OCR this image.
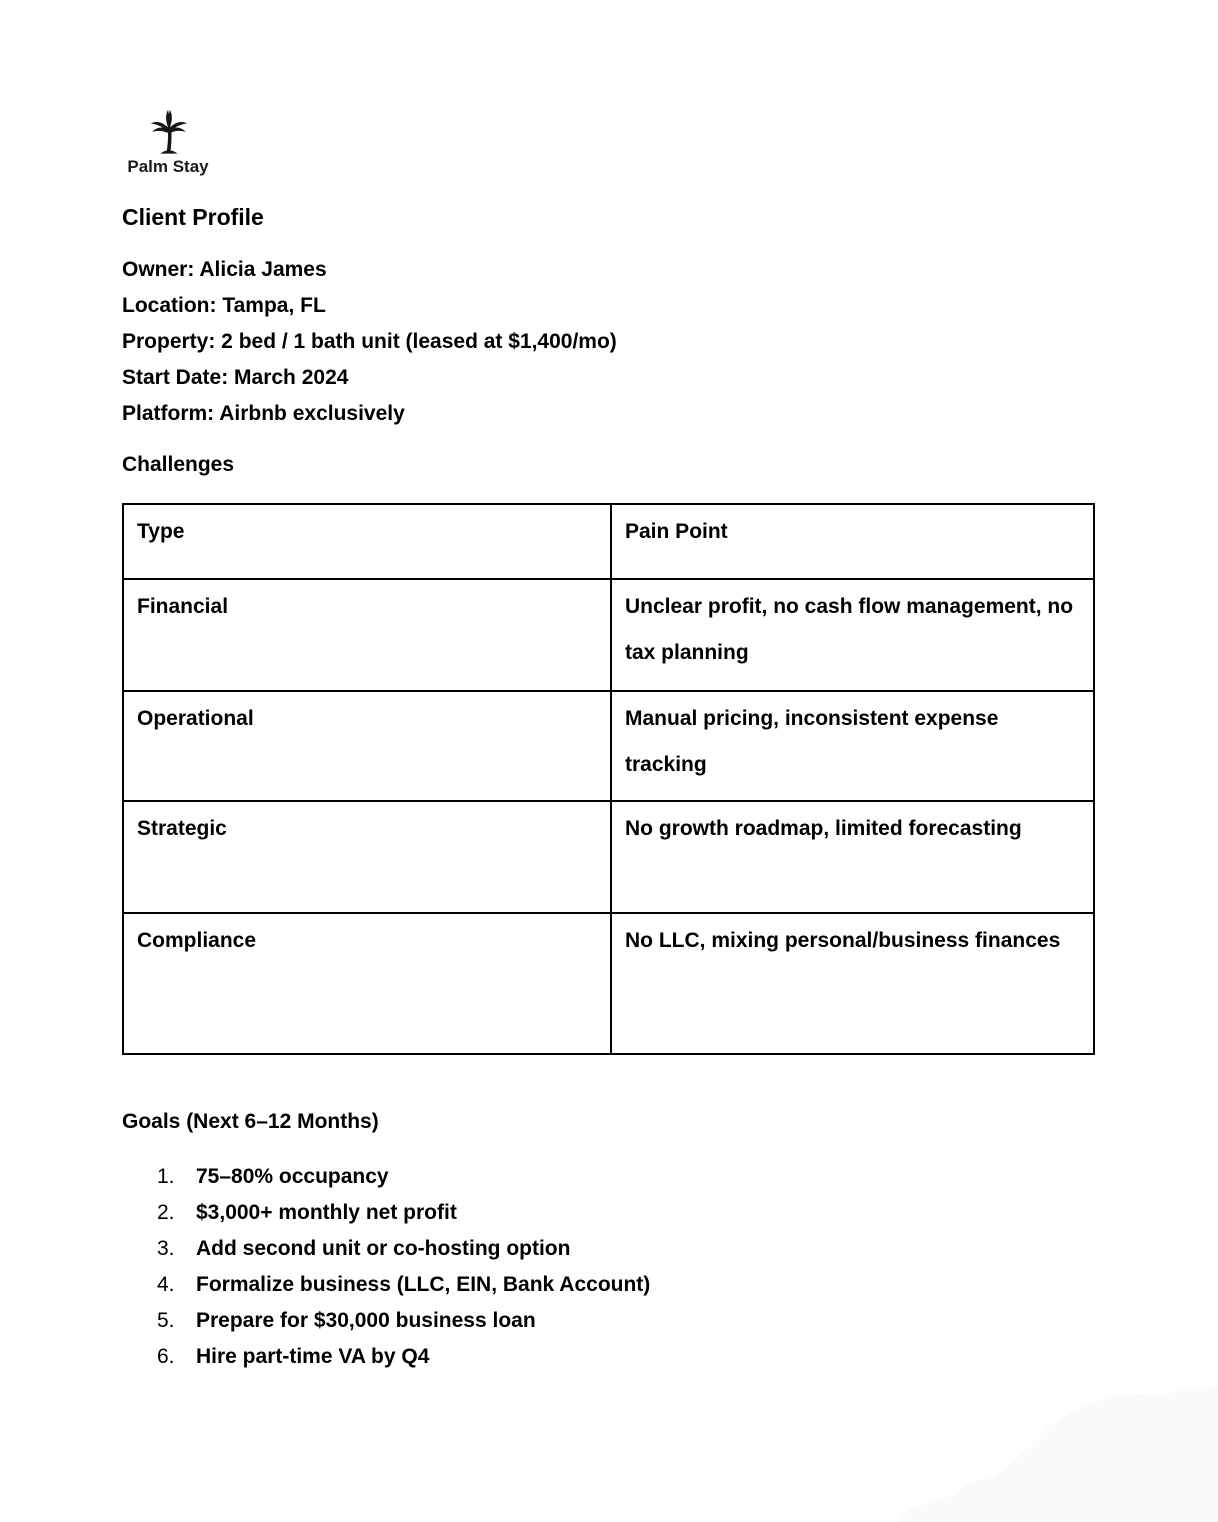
Palm Stay
Client Profile
Owner: Alicia James
Location: Tampa, FL
Property: 2 bed / 1 bath unit (leased at $1,400/mo)
Start Date: March 2024
Platform: Airbnb exclusively
Challenges
Type	Pain Point
Financial	Unclear profit, no cash flow management, no tax planning
Operational	Manual pricing, inconsistent expense tracking
Strategic	No growth roadmap, limited forecasting
Compliance	No LLC, mixing personal/business finances
Goals (Next 6–12 Months)
1.	75–80% occupancy
2.	$3,000+ monthly net profit
3.	Add second unit or co-hosting option
4.	Formalize business (LLC, EIN, Bank Account)
5.	Prepare for $30,000 business loan
6.	Hire part-time VA by Q4
